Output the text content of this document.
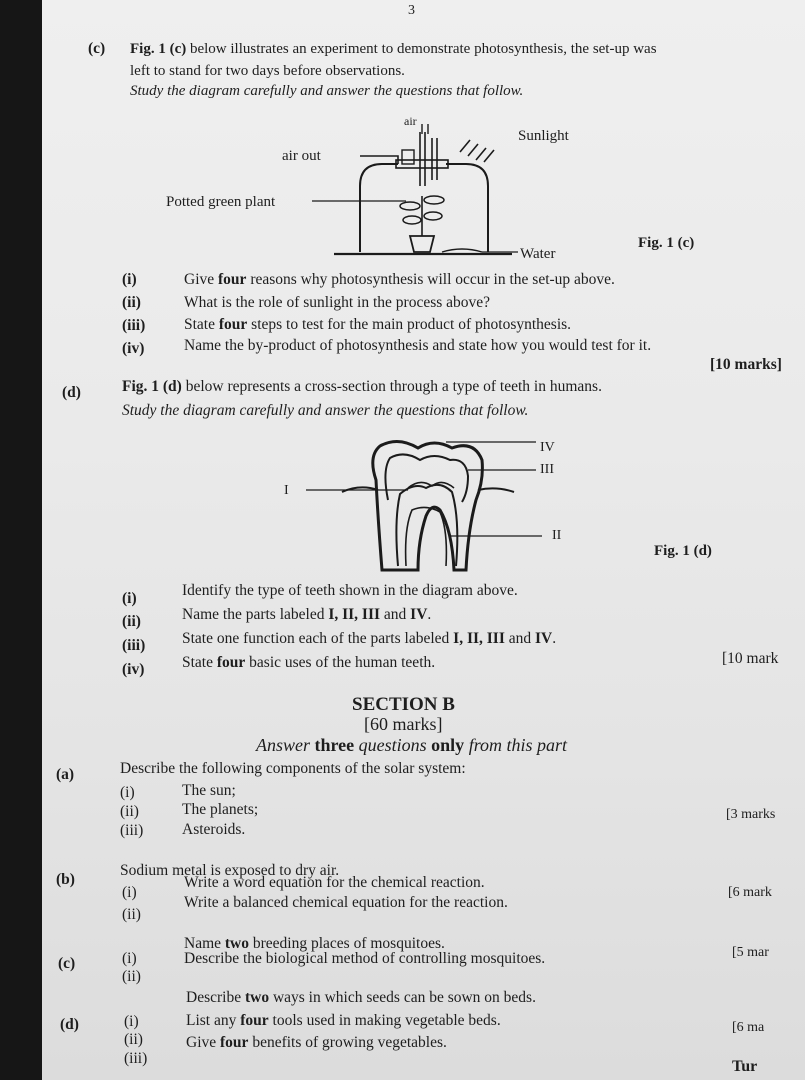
3
(c) Fig. 1 (c) below illustrates an experiment to demonstrate photosynthesis, the set-up was
left to stand for two days before observations.
Study the diagram carefully and answer the questions that follow.
air
air out
Sunlight
Potted green plant
Water
Fig. 1 (c)
(i)	Give four reasons why photosynthesis will occur in the set-up above.
(ii)	What is the role of sunlight in the process above?
(iii)	State four steps to test for the main product of photosynthesis.
(iv)	Name the by-product of photosynthesis and state how you would test for it.
[10 marks]
(d)	Fig. 1 (d) below represents a cross-section through a type of teeth in humans.
Study the diagram carefully and answer the questions that follow.
IV
III
I
II
Fig. 1 (d)
(i)	Identify the type of teeth shown in the diagram above.
(ii)	Name the parts labeled I, II, III and IV.
(iii) State one function each of the parts labeled I, II, III and IV.
(iv) State four basic uses of the human teeth.	[10 mark
SECTION B
[60 marks]
Answer three questions only from this part
(a)	Describe the following components of the solar system:
(i)	The sun;
(ii)	The planets;
(iii)	Asteroids.
[3 marks
(b)
Sodium metal is exposed to dry air.
(i)
Write a word equation for the chemical reaction.
(ii)
Write a balanced chemical equation for the reaction.
[6 mark
(c)	(i)
Name two breeding places of mosquitoes.
(ii)
Describe the biological method of controlling mosquitoes.	[5 mar
(d)	(i)
Describe two ways in which seeds can be sown on beds.
(ii)
List any four tools used in making vegetable beds.
(iii)
Give four benefits of growing vegetables.
[6 ma
Tur
